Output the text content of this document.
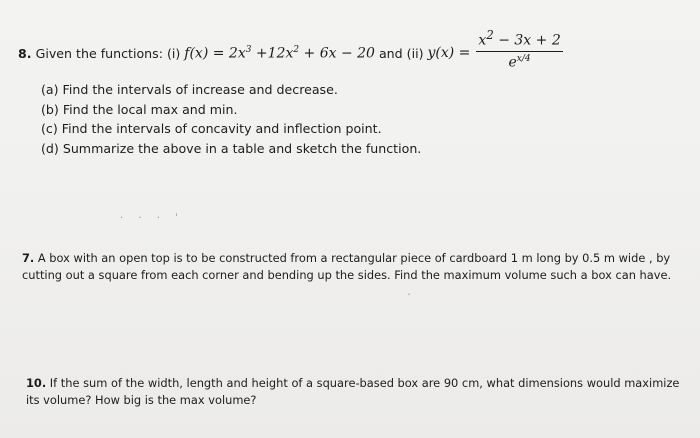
8.
Given the functions: (i) $f(x) = 2x^3 +12x^2 + 6x - 20$ and (ii) $y(x) = \frac{x^2 - 3x + 2}{e^{x/4}}$
(a) Find the intervals of increase and decrease.
(b) Find the local max and min.
(c) Find the intervals of concavity and inflection point.
(d) Summarize the above in a table and sketch the function.
· · · ˈ
7. A box with an open top is to be constructed from a rectangular piece of cardboard 1 m long by 0.5 m wide , by cutting out a square from each corner and bending up the sides. Find the maximum volume such a box can have.
ˇ
10. If the sum of the width, length and height of a square-based box are 90 cm, what dimensions would maximize its volume? How big is the max volume?
